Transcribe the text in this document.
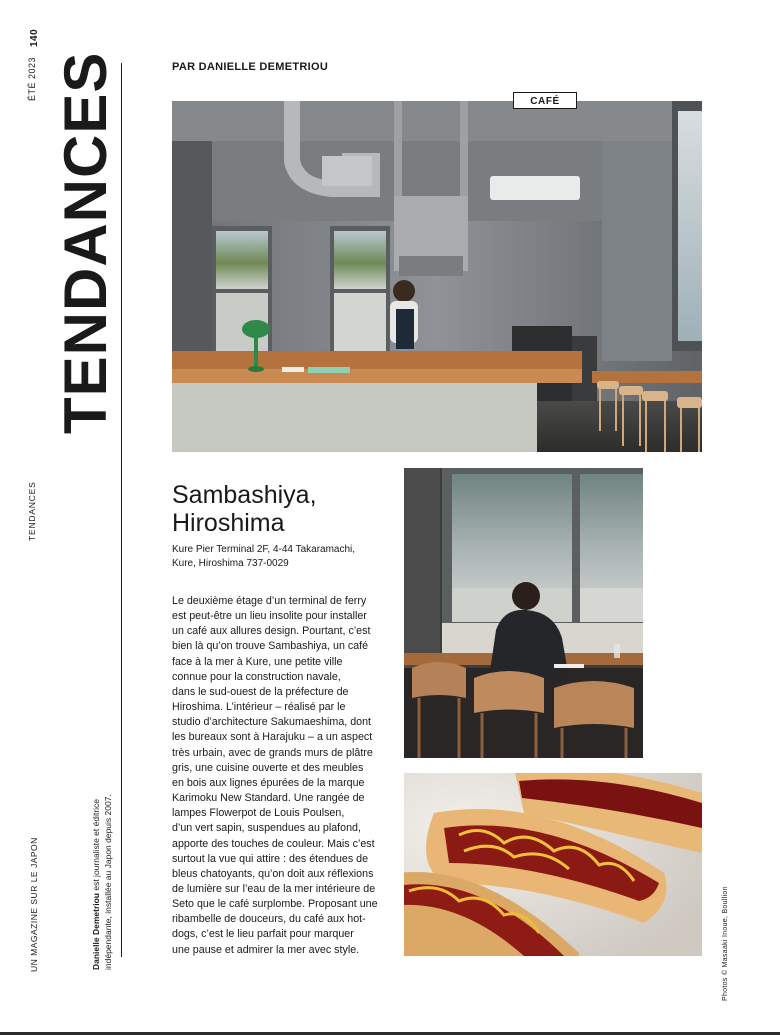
140
ÉTÉ 2023 TENDANCES
TENDANCES
UN MAGAZINE SUR LE JAPON	Danielle Demetriou est journaliste et éditrice indépendante, installée au Japon depuis 2007.
PAR DANIELLE DEMETRIOU
CAFÉ
Sambashiya,
Hiroshima
Kure Pier Terminal 2F, 4-44 Takaramachi,
Kure, Hiroshima 737-0029
Le deuxième étage d’un terminal de ferry
est peut-être un lieu insolite pour installer
un café aux allures design. Pourtant, c’est
bien là qu’on trouve Sambashiya, un café
face à la mer à Kure, une petite ville
connue pour la construction navale,
dans le sud-ouest de la préfecture de
Hiroshima. L’intérieur – réalisé par le
studio d’architecture Sakumaeshima, dont
les bureaux sont à Harajuku – a un aspect
très urbain, avec de grands murs de plâtre
gris, une cuisine ouverte et des meubles
en bois aux lignes épurées de la marque
Karimoku New Standard. Une rangée de
lampes Flowerpot de Louis Poulsen,
d’un vert sapin, suspendues au plafond,
apporte des touches de couleur. Mais c’est
surtout la vue qui attire : des étendues de
bleus chatoyants, qu’on doit aux réflexions
de lumière sur l’eau de la mer intérieure de
Seto que le café surplombe. Proposant une
ribambelle de douceurs, du café aux hot-
dogs, c’est le lieu parfait pour marquer
une pause et admirer la mer avec style.	Photos © Masaaki Inoue, Boullion
